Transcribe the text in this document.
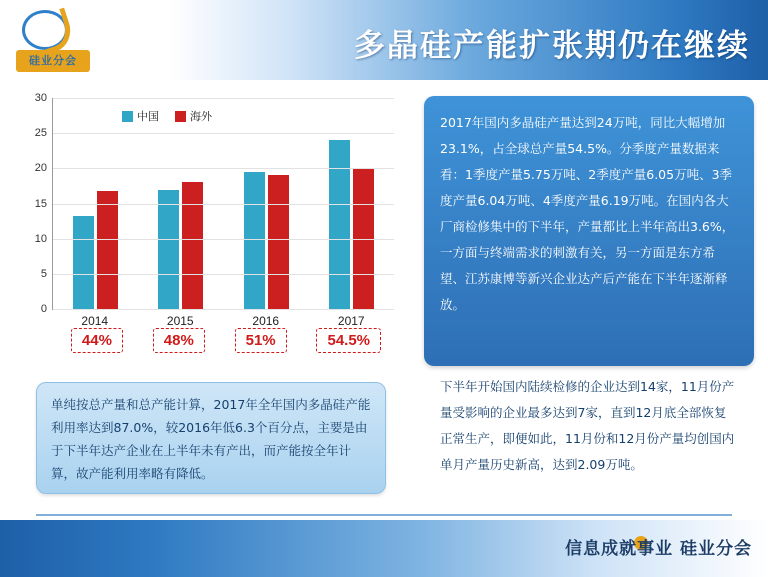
硅业分会	多晶硅产能扩张期仍在继续
0
5
10
15
20
25
30
中国	海外
2014	2015	2016	2017
44%	48%	51%	54.5%
单纯按总产量和总产能计算，2017年全年国内多晶硅产能利用率达到87.0%，较2016年低6.3个百分点，主要是由于下半年达产企业在上半年未有产出，而产能按全年计算，故产能利用率略有降低。
2017年国内多晶硅产量达到24万吨，同比大幅增加23.1%，占全球总产量54.5%。分季度产量数据来看：1季度产量5.75万吨、2季度产量6.05万吨、3季度产量6.04万吨、4季度产量6.19万吨。在国内各大厂商检修集中的下半年，产量都比上半年高出3.6%，一方面与终端需求的刺激有关，另一方面是东方希望、江苏康博等新兴企业达产后产能在下半年逐渐释放。
下半年开始国内陆续检修的企业达到14家，11月份产量受影响的企业最多达到7家，直到12月底全部恢复正常生产，即便如此，11月份和12月份产量均创国内单月产量历史新高，达到2.09万吨。
信息成就事业 硅业分会
